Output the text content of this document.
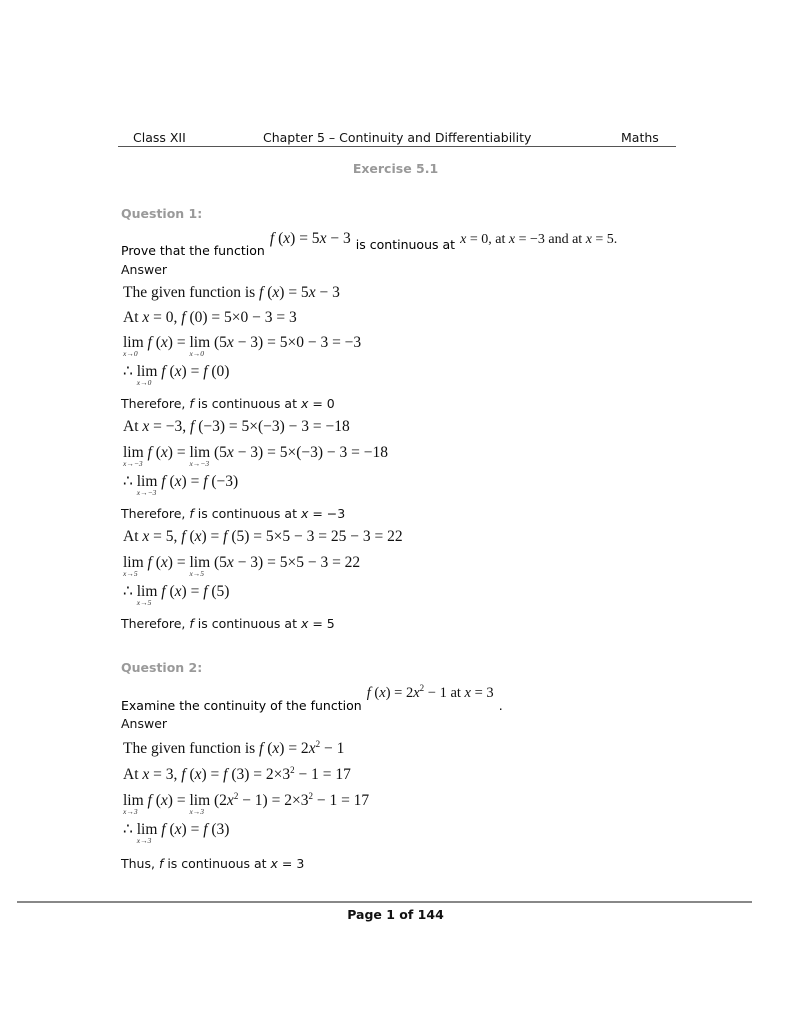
Class XII	Chapter 5 – Continuity and Differentiability	Maths
Exercise 5.1
Question 1:
$_{Prove that the function}$ f (x) = 5x − 3 $_{is continuous at}$ x = 0, at x = −3 and at x = 5.
Answer
The given function is f (x) = 5x − 3
At x = 0, f (0) = 5×0 − 3 = 3
lim
x→0
f (x) = lim
x→0
(5x − 3) = 5×0 − 3 = −3
∴ lim
x→0
f (x) = f (0)
Therefore, f is continuous at x = 0
At x = −3, f (−3) = 5×(−3) − 3 = −18
lim
x→−3
f (x) = lim
x→−3
(5x − 3) = 5×(−3) − 3 = −18
∴ lim
x→−3
f (x) = f (−3)
Therefore, f is continuous at x = −3
At x = 5, f (x) = f (5) = 5×5 − 3 = 25 − 3 = 22
lim
x→5
f (x) = lim
x→5
(5x − 3) = 5×5 − 3 = 22
∴ lim
x→5
f (x) = f (5)
Therefore, f is continuous at x = 5
Question 2:
$_{Examine the continuity of the function}$ f $(x) = 2x^2 - 1$ at x = 3 $_.$
Answer
The given function is f $(x) = 2x^2 - 1$
At x = 3, f (x) = f $(3) = 2\times 3^2 - 1 = 17$
lim
x→3
f (x) = lim
x→3
$(2x^2 - 1) = 2\times 3^2 - 1 = 17$
∴ lim
x→3
f (x) = f (3)
Thus, f is continuous at x = 3
Page 1 of 144
